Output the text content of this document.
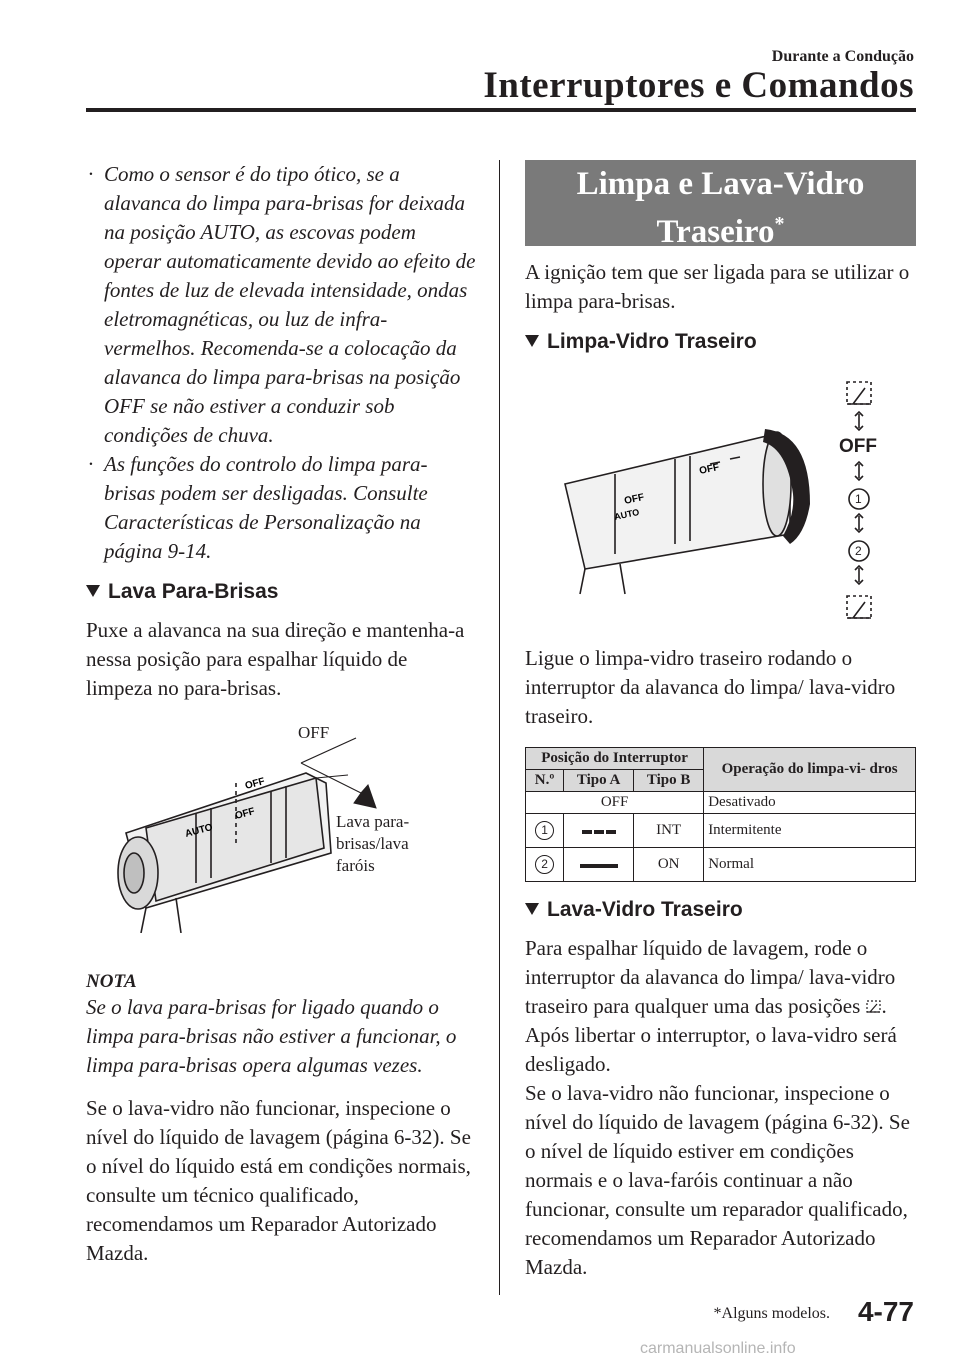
Durante a Condução
Interruptores e Comandos
· Como o sensor é do tipo ótico, se a alavanca do limpa para-brisas for deixada na posição AUTO, as escovas podem operar automaticamente devido ao efeito de fontes de luz de elevada intensidade, ondas eletromagnéticas, ou luz de infra-vermelhos. Recomenda-se a colocação da alavanca do limpa para-brisas na posição OFF se não estiver a conduzir sob condições de chuva.
· As funções do controlo do limpa para-brisas podem ser desligadas. Consulte Características de Personalização na página 9-14.
Lava Para-Brisas

Puxe a alavanca na sua direção e mantenha-a nessa posição para espalhar líquido de limpeza no para-brisas.

AUTO
OFF
OFF
OFF
Lava para-
brisas/lava
faróis
NOTA

Se o lava para-brisas for ligado quando o limpa para-brisas não estiver a funcionar, o limpa para-brisas opera algumas vezes.

Se o lava-vidro não funcionar, inspecione o nível do líquido de lavagem (página 6-32). Se o nível do líquido está em condições normais, consulte um técnico qualificado, recomendamos um Reparador Autorizado Mazda.

Limpa e Lava-Vidro
Traseiro*

A ignição tem que ser ligada para se utilizar o limpa para-brisas.

Limpa-Vidro Traseiro
OFF
AUTO
OFF
OFF
1
2

Ligue o limpa-vidro traseiro rodando o interruptor da alavanca do limpa/ lava-vidro traseiro.

Posição do Interruptor			Operação do limpa-vi- dros
N.º	Tipo A	Tipo B	
OFF			Desativado
1		INT	Intermitente
2		ON	Normal
Lava-Vidro Traseiro

Para espalhar líquido de lavagem, rode o interruptor da alavanca do limpa/ lava-vidro traseiro para qualquer uma das posições . Após libertar o interruptor, o lava-vidro será desligado.

Se o lava-vidro não funcionar, inspecione o nível do líquido de lavagem (página 6-32). Se o nível de líquido estiver em condições normais e o lava-faróis continuar a não funcionar, consulte um reparador qualificado, recomendamos um Reparador Autorizado Mazda.

*Alguns modelos. 4-77
carmanualsonline.info
